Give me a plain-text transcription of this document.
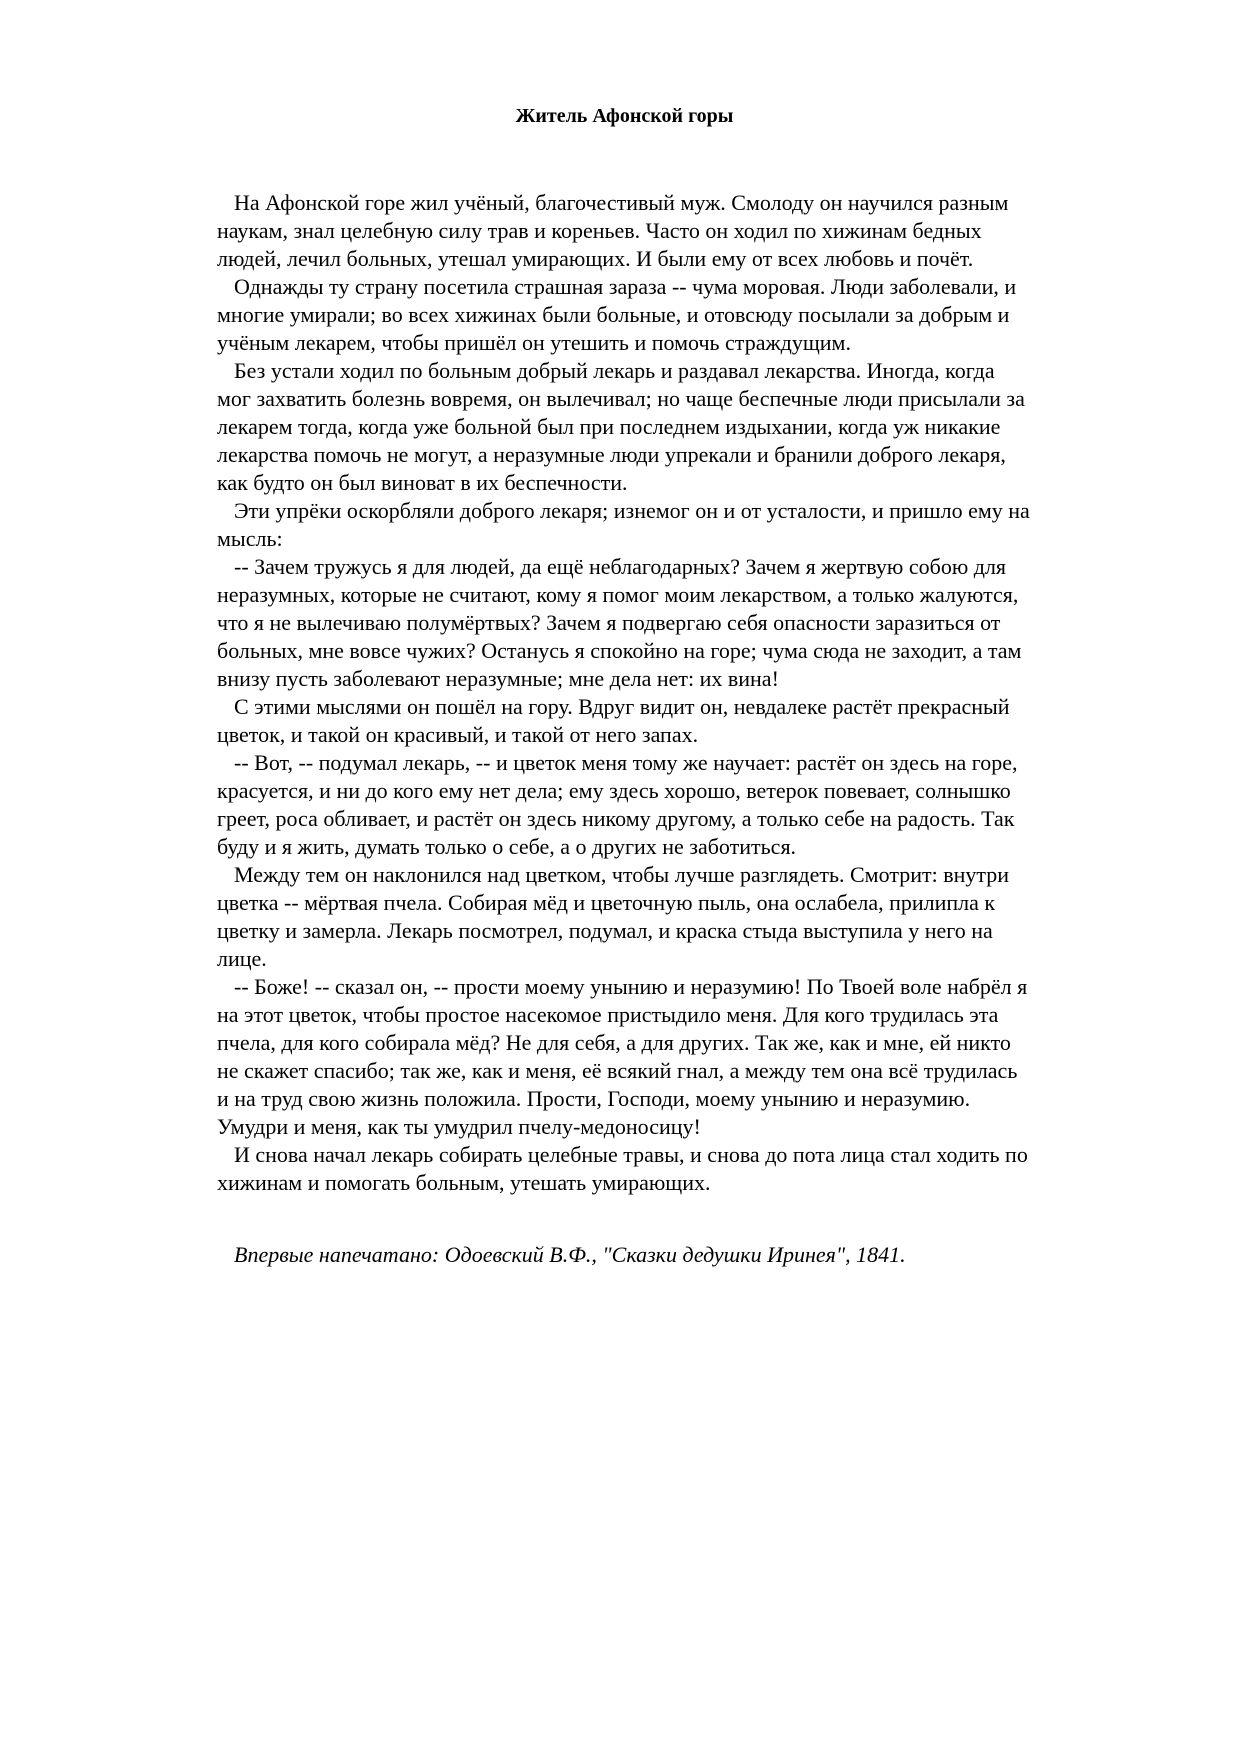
Житель Афонской горы

На Афонской горе жил учёный, благочестивый муж. Смолоду он научился разным наукам, знал целебную силу трав и кореньев. Часто он ходил по хижинам бедных людей, лечил больных, утешал умирающих. И были ему от всех любовь и почёт.

Однажды ту страну посетила страшная зараза -- чума моровая. Люди заболевали, и многие умирали; во всех хижинах были больные, и отовсюду посылали за добрым и учёным лекарем, чтобы пришёл он утешить и помочь страждущим.

Без устали ходил по больным добрый лекарь и раздавал лекарства. Иногда, когда мог захватить болезнь вовремя, он вылечивал; но чаще беспечные люди присылали за лекарем тогда, когда уже больной был при последнем издыхании, когда уж никакие лекарства помочь не могут, а неразумные люди упрекали и бранили доброго лекаря, как будто он был виноват в их беспечности.

Эти упрёки оскорбляли доброго лекаря; изнемог он и от усталости, и пришло ему на мысль:

-- Зачем тружусь я для людей, да ещё неблагодарных? Зачем я жертвую собою для неразумных, которые не считают, кому я помог моим лекарством, а только жалуются, что я не вылечиваю полумёртвых? Зачем я подвергаю себя опасности заразиться от больных, мне вовсе чужих? Останусь я спокойно на горе; чума сюда не заходит, а там внизу пусть заболевают неразумные; мне дела нет: их вина!

С этими мыслями он пошёл на гору. Вдруг видит он, невдалеке растёт прекрасный цветок, и такой он красивый, и такой от него запах.

-- Вот, -- подумал лекарь, -- и цветок меня тому же научает: растёт он здесь на горе, красуется, и ни до кого ему нет дела; ему здесь хорошо, ветерок повевает, солнышко греет, роса обливает, и растёт он здесь никому другому, а только себе на радость. Так буду и я жить, думать только о себе, а о других не заботиться.

Между тем он наклонился над цветком, чтобы лучше разглядеть. Смотрит: внутри цветка -- мёртвая пчела. Собирая мёд и цветочную пыль, она ослабела, прилипла к цветку и замерла. Лекарь посмотрел, подумал, и краска стыда выступила у него на лице.

-- Боже! -- сказал он, -- прости моему унынию и неразумию! По Твоей воле набрёл я на этот цветок, чтобы простое насекомое пристыдило меня. Для кого трудилась эта пчела, для кого собирала мёд? Не для себя, а для других. Так же, как и мне, ей никто не скажет спасибо; так же, как и меня, её всякий гнал, а между тем она всё трудилась и на труд свою жизнь положила. Прости, Господи, моему унынию и неразумию. Умудри и меня, как ты умудрил пчелу-медоносицу!

И снова начал лекарь собирать целебные травы, и снова до пота лица стал ходить по хижинам и помогать больным, утешать умирающих.

Впервые напечатано: Одоевский В.Ф., "Сказки дедушки Иринея", 1841.
